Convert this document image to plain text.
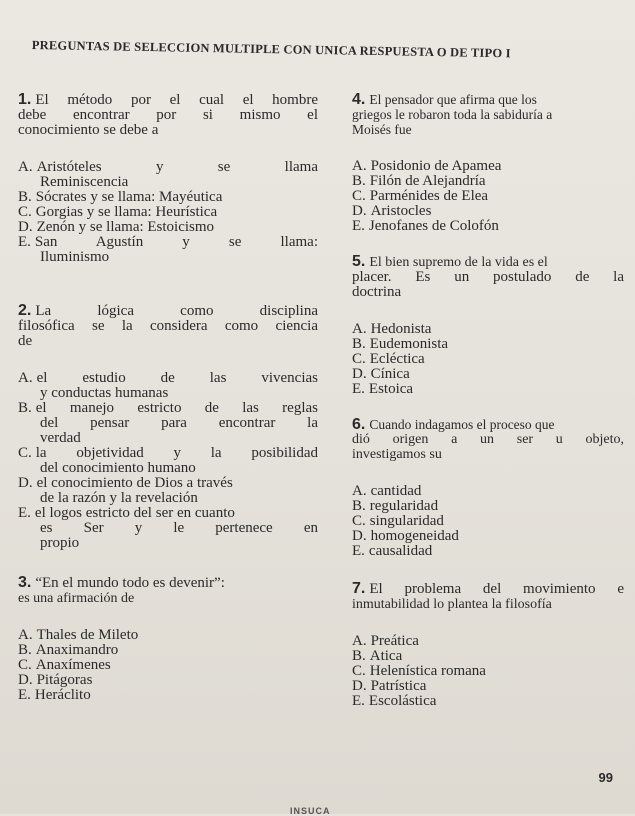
PREGUNTAS DE SELECCION MULTIPLE CON UNICA RESPUESTA O DE TIPO I
1. El método por el cual el hombre
debe encontrar por si mismo el
conocimiento se debe a
A. Aristóteles y se llama
Reminiscencia
B. Sócrates y se llama: Mayéutica
C. Gorgias y se llama: Heurística
D. Zenón y se llama: Estoicismo
E. San Agustín y se llama:
Iluminismo
2. La lógica como disciplina
filosófica se la considera como ciencia
de
A. el estudio de las vivencias
y conductas humanas
B. el manejo estricto de las reglas
del pensar para encontrar la
verdad
C. la objetividad y la posibilidad
del conocimiento humano
D. el conocimiento de Dios a través
de la razón y la revelación
E. el logos estricto del ser en cuanto
es Ser y le pertenece en
propio
3. “En el mundo todo es devenir”:
es una afirmación de
A. Thales de Mileto
B. Anaximandro
C. Anaxímenes
D. Pitágoras
E. Heráclito
4. El pensador que afirma que los
griegos le robaron toda la sabiduría a
Moisés fue
A. Posidonio de Apamea
B. Filón de Alejandría
C. Parménides de Elea
D. Aristocles
E. Jenofanes de Colofón
5. El bien supremo de la vida es el
placer. Es un postulado de la
doctrina
A. Hedonista
B. Eudemonista
C. Ecléctica
D. Cínica
E. Estoica
6. Cuando indagamos el proceso que
dió origen a un ser u objeto,
investigamos su
A. cantidad
B. regularidad
C. singularidad
D. homogeneidad
E. causalidad
7. El problema del movimiento e
inmutabilidad lo plantea la filosofía
A. Preática
B. Atica
C. Helenística romana
D. Patrística
E. Escolástica
99
INSUCA
